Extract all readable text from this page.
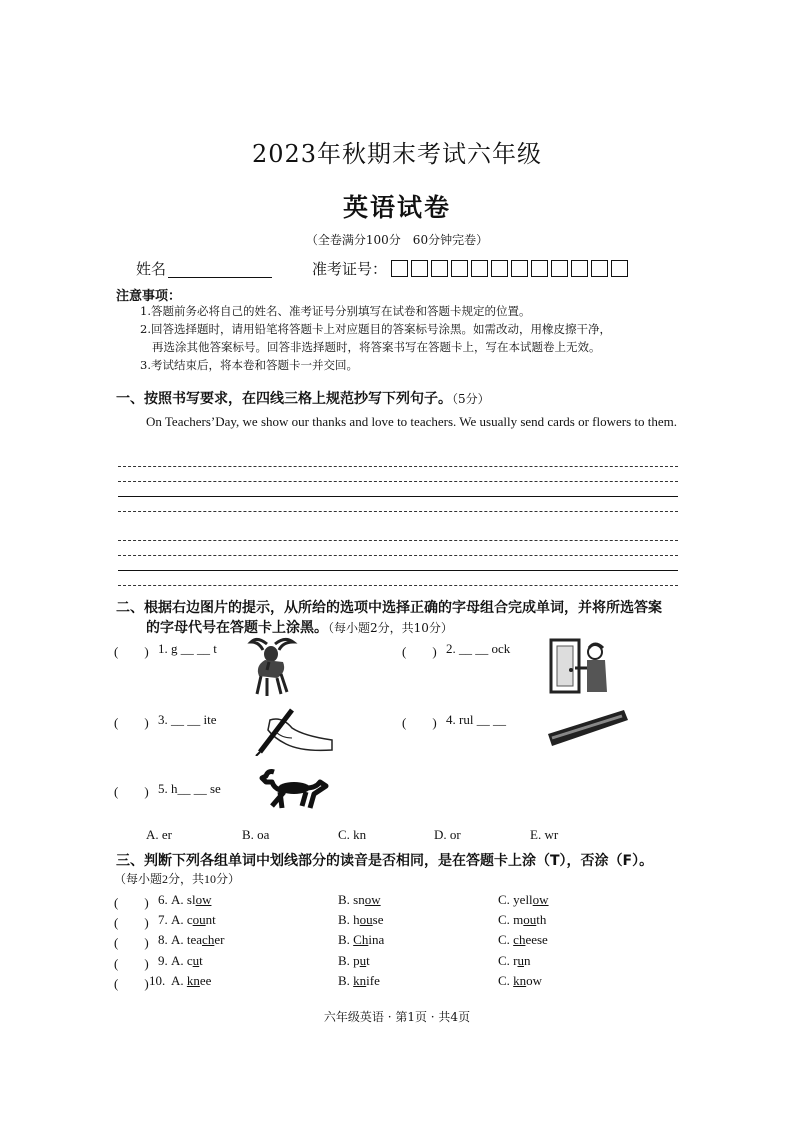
2023年秋期末考试六年级
英语试卷
（全卷满分100分　60分钟完卷）
姓名	准考证号：
注意事项：
1.答题前务必将自己的姓名、准考证号分别填写在试卷和答题卡规定的位置。
2.回答选择题时，请用铅笔将答题卡上对应题目的答案标号涂黑。如需改动，用橡皮擦干净，
再选涂其他答案标号。回答非选择题时，将答案书写在答题卡上，写在本试题卷上无效。
3.考试结束后，将本卷和答题卡一并交回。
一、按照书写要求，在四线三格上规范抄写下列句子。（5分）
On Teachers’Day, we show our thanks and love to teachers. We usually send cards or flowers to them.
二、根据右边图片的提示，从所给的选项中选择正确的字母组合完成单词，并将所选答案
的字母代号在答题卡上涂黑。（每小题2分，共10分）
(　　) 1. g __ __ t	(　　) 2. __ __ ock
(　　) 3. __ __ ite	(　　) 4. rul __ __
(　　) 5. h__ __ se
A. er	B. oa	C. kn	D. or	E. wr
三、判断下列各组单词中划线部分的读音是否相同，是在答题卡上涂（T），否涂（F）。
（每小题2分，共10分）
(　　) 6. A. slow	B. snow	C. yellow
(　　) 7. A. count	B. house	C. mouth
(　　) 8. A. teacher	B. China	C. cheese
(　　) 9. A. cut	B. put	C. run
(　　) 10. A. knee	B. knife	C. know
六年级英语 · 第1页 · 共4页
